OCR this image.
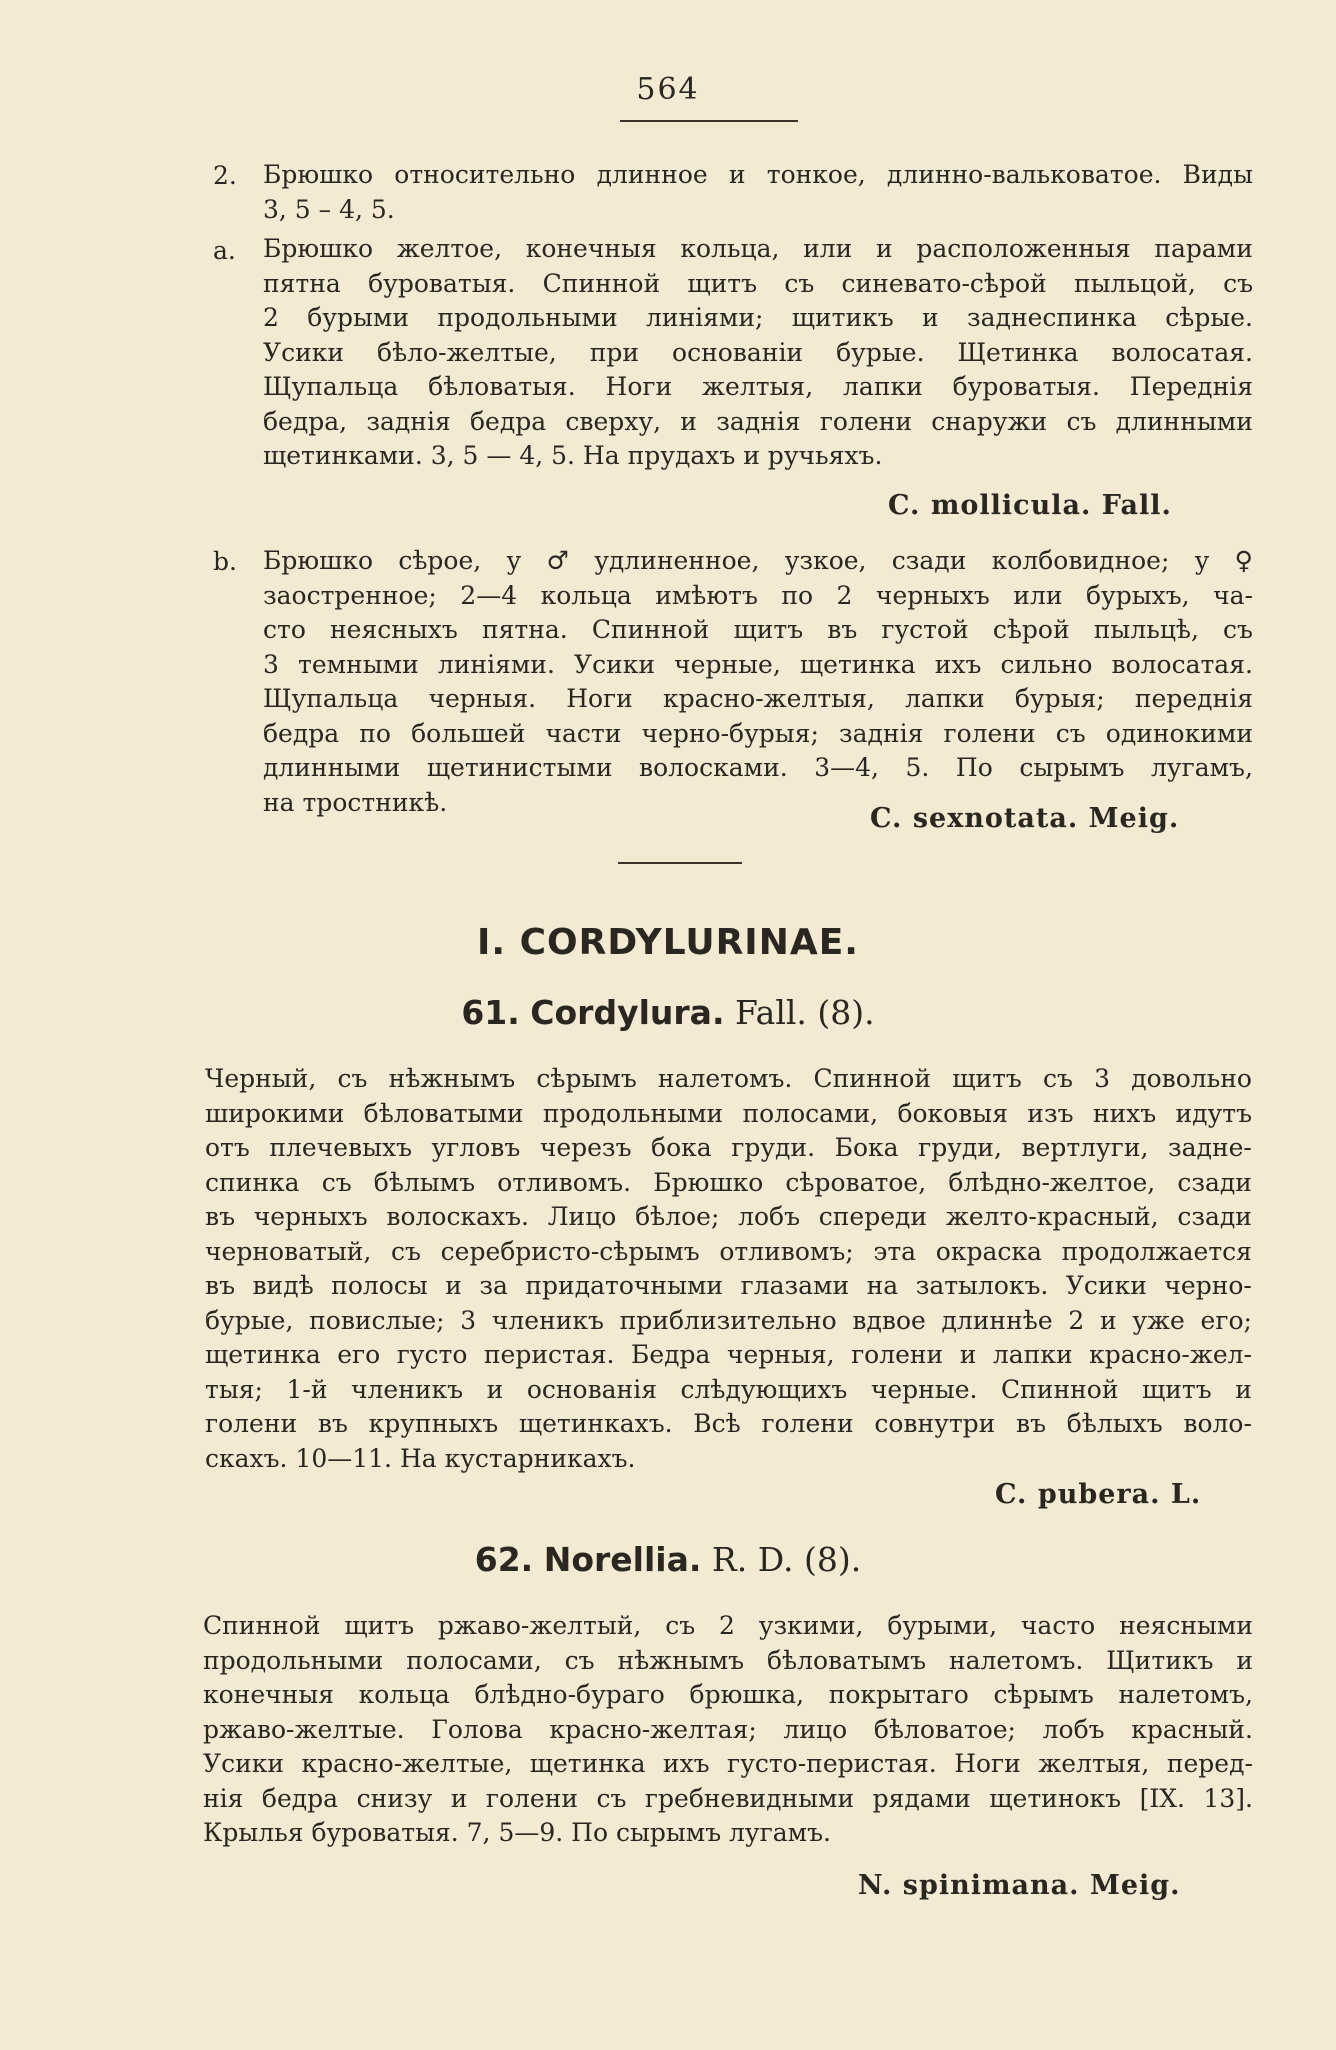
564
2. Брюшко относительно длинное и тонкое, длинно-вальковатое. Виды
3, 5 – 4, 5.
a. Брюшко желтое, конечныя кольца, или и расположенныя парами
пятна буроватыя. Спинной щитъ съ синевато-сѣрой пыльцой, съ
2 бурыми продольными линіями; щитикъ и заднеспинка сѣрые.
Усики бѣло-желтые, при основаніи бурые. Щетинка волосатая.
Щупальца бѣловатыя. Ноги желтыя, лапки буроватыя. Переднія
бедра, заднія бедра сверху, и заднія голени снаружи съ длинными
щетинками. 3, 5 — 4, 5. На прудахъ и ручьяхъ.
C. mollicula. Fall.
b. Брюшко сѣрое, у ♂ удлиненное, узкое, сзади колбовидное; у ♀
заостренное; 2—4 кольца имѣютъ по 2 черныхъ или бурыхъ, ча-
сто неясныхъ пятна. Спинной щитъ въ густой сѣрой пыльцѣ, съ
3 темными линіями. Усики черные, щетинка ихъ сильно волосатая.
Щупальца черныя. Ноги красно-желтыя, лапки бурыя; переднія
бедра по большей части черно-бурыя; заднія голени съ одинокими
длинными щетинистыми волосками. 3—4, 5. По сырымъ лугамъ,
на тростникѣ.
C. sexnotata. Meig.
I. CORDYLURINAE.
61. Cordylura. Fall. (8).
Черный, съ нѣжнымъ сѣрымъ налетомъ. Спинной щитъ съ 3 довольно
широкими бѣловатыми продольными полосами, боковыя изъ нихъ идутъ
отъ плечевыхъ угловъ черезъ бока груди. Бока груди, вертлуги, задне-
спинка съ бѣлымъ отливомъ. Брюшко сѣроватое, блѣдно-желтое, сзади
въ черныхъ волоскахъ. Лицо бѣлое; лобъ спереди желто-красный, сзади
черноватый, съ серебристо-сѣрымъ отливомъ; эта окраска продолжается
въ видѣ полосы и за придаточными глазами на затылокъ. Усики черно-
бурые, повислые; 3 членикъ приблизительно вдвое длиннѣе 2 и уже его;
щетинка его густо перистая. Бедра черныя, голени и лапки красно-жел-
тыя; 1-й членикъ и основанія слѣдующихъ черные. Спинной щитъ и
голени въ крупныхъ щетинкахъ. Всѣ голени совнутри въ бѣлыхъ воло-
скахъ. 10—11. На кустарникахъ.
C. pubera. L.
62. Norellia. R. D. (8).
Спинной щитъ ржаво-желтый, съ 2 узкими, бурыми, часто неясными
продольными полосами, съ нѣжнымъ бѣловатымъ налетомъ. Щитикъ и
конечныя кольца блѣдно-бураго брюшка, покрытаго сѣрымъ налетомъ,
ржаво-желтые. Голова красно-желтая; лицо бѣловатое; лобъ красный.
Усики красно-желтые, щетинка ихъ густо-перистая. Ноги желтыя, перед-
нія бедра снизу и голени съ гребневидными рядами щетинокъ [IX. 13].
Крылья буроватыя. 7, 5—9. По сырымъ лугамъ.
N. spinimana. Meig.
